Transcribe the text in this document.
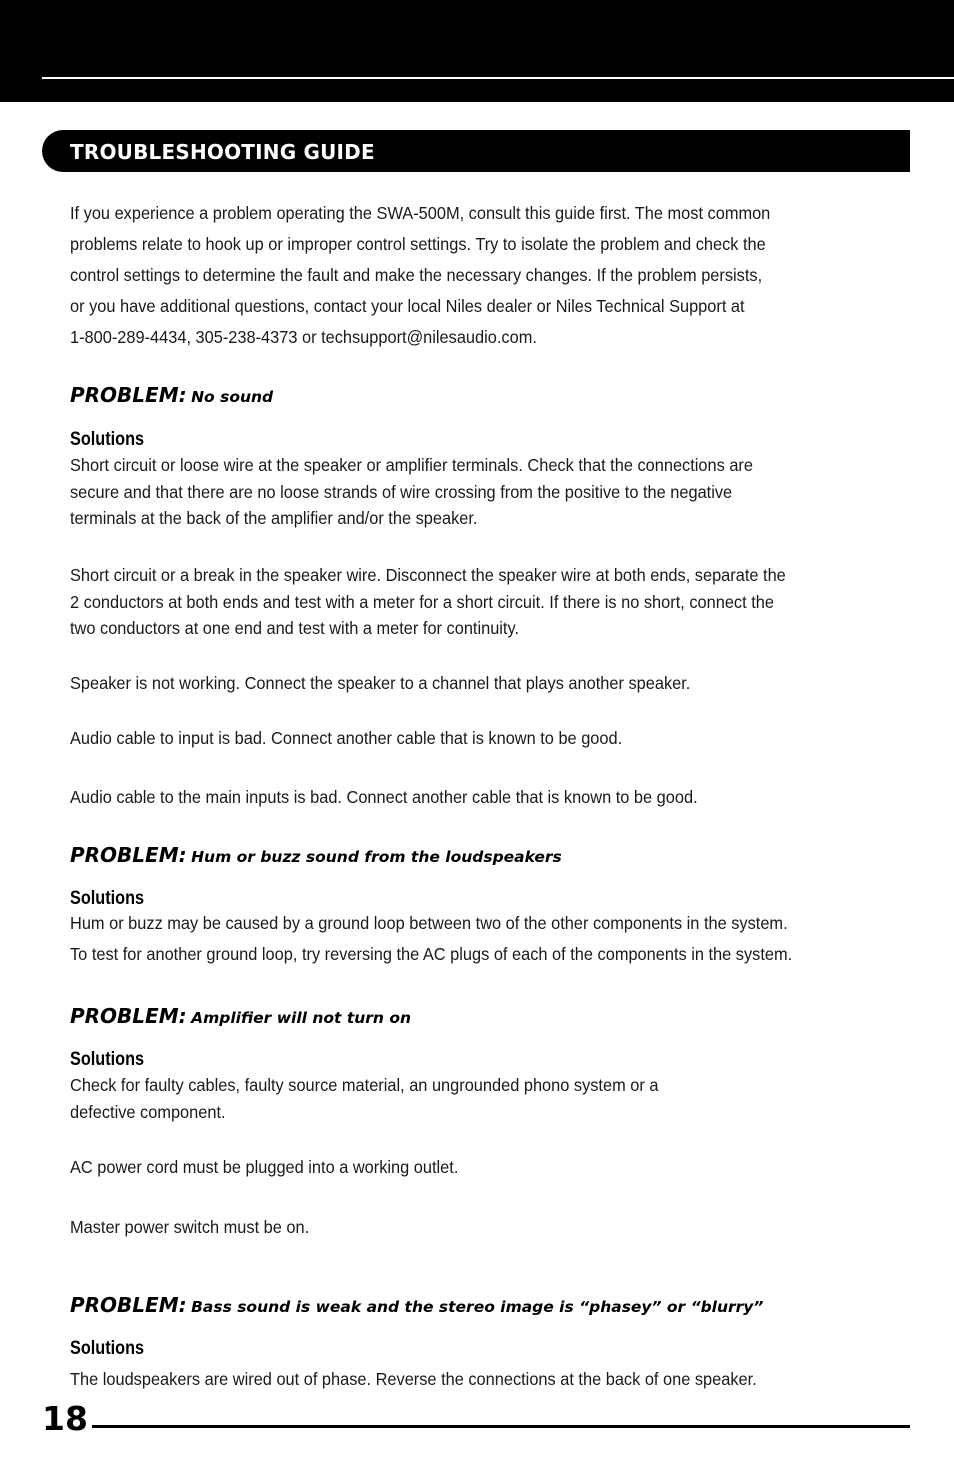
TROUBLESHOOTING GUIDE

If you experience a problem operating the SWA-500M, consult this guide first. The most common
problems relate to hook up or improper control settings. Try to isolate the problem and check the
control settings to determine the fault and make the necessary changes. If the problem persists,
or you have additional questions, contact your local Niles dealer or Niles Technical Support at
1-800-289-4434, 305-238-4373 or techsupport@nilesaudio.com.

PROBLEM: No sound

Solutions

Short circuit or loose wire at the speaker or amplifier terminals. Check that the connections are
secure and that there are no loose strands of wire crossing from the positive to the negative
terminals at the back of the amplifier and/or the speaker.

Short circuit or a break in the speaker wire. Disconnect the speaker wire at both ends, separate the
2 conductors at both ends and test with a meter for a short circuit. If there is no short, connect the
two conductors at one end and test with a meter for continuity.

Speaker is not working. Connect the speaker to a channel that plays another speaker.

Audio cable to input is bad. Connect another cable that is known to be good.

Audio cable to the main inputs is bad. Connect another cable that is known to be good.

PROBLEM: Hum or buzz sound from the loudspeakers

Solutions

Hum or buzz may be caused by a ground loop between two of the other components in the system.
To test for another ground loop, try reversing the AC plugs of each of the components in the system.

PROBLEM: Amplifier will not turn on

Solutions

Check for faulty cables, faulty source material, an ungrounded phono system or a
defective component.

AC power cord must be plugged into a working outlet.

Master power switch must be on.

PROBLEM: Bass sound is weak and the stereo image is “phasey” or “blurry”

Solutions

The loudspeakers are wired out of phase. Reverse the connections at the back of one speaker.

18
